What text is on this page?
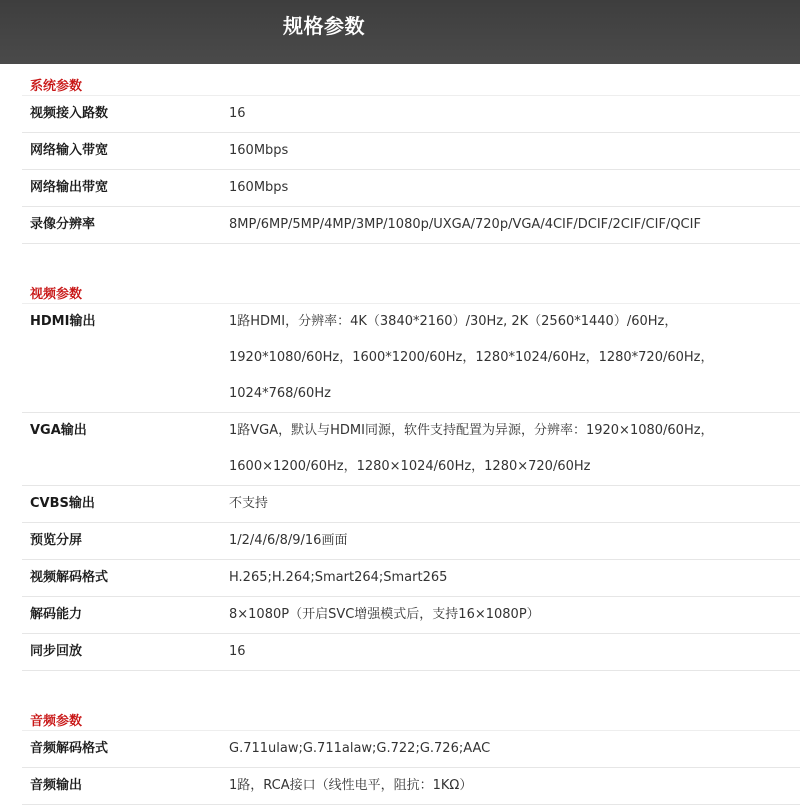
规格参数
系统参数
视频接入路数	16
网络输入带宽	160Mbps
网络输出带宽	160Mbps
录像分辨率	8MP/6MP/5MP/4MP/3MP/1080p/UXGA/720p/VGA/4CIF/DCIF/2CIF/CIF/QCIF
视频参数
HDMI输出	1路HDMI，分辨率：4K（3840*2160）/30Hz, 2K（2560*1440）/60Hz，
1920*1080/60Hz，1600*1200/60Hz，1280*1024/60Hz，1280*720/60Hz，
1024*768/60Hz
VGA输出	1路VGA，默认与HDMI同源，软件支持配置为异源，分辨率：1920×1080/60Hz，
1600×1200/60Hz，1280×1024/60Hz，1280×720/60Hz
CVBS输出	不支持
预览分屏	1/2/4/6/8/9/16画面
视频解码格式	H.265;H.264;Smart264;Smart265
解码能力	8×1080P（开启SVC增强模式后，支持16×1080P）
同步回放	16
音频参数
音频解码格式	G.711ulaw;G.711alaw;G.722;G.726;AAC
音频输出	1路，RCA接口（线性电平，阻抗：1KΩ）
